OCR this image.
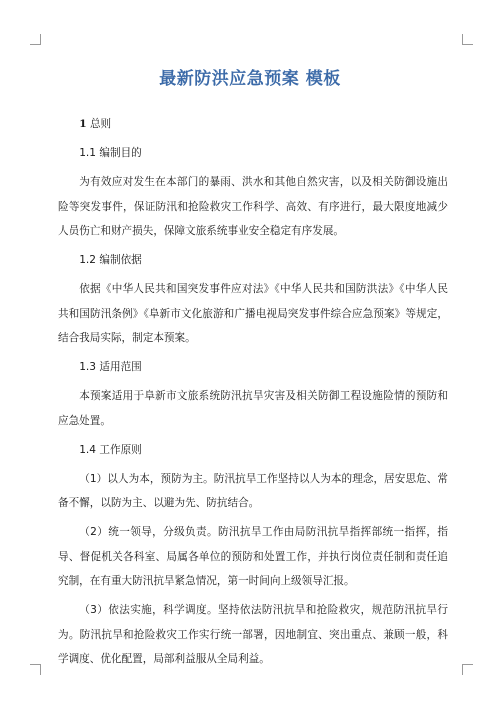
最新防洪应急预案 模板

1 总则

1.1 编制目的

为有效应对发生在本部门的暴雨、洪水和其他自然灾害，以及相关防御设施出险等突发事件，保证防汛和抢险救灾工作科学、高效、有序进行，最大限度地减少人员伤亡和财产损失，保障文旅系统事业安全稳定有序发展。

1.2 编制依据

依据《中华人民共和国突发事件应对法》《中华人民共和国防洪法》《中华人民共和国防汛条例》《阜新市文化旅游和广播电视局突发事件综合应急预案》等规定，结合我局实际，制定本预案。

1.3 适用范围

本预案适用于阜新市文旅系统防汛抗旱灾害及相关防御工程设施险情的预防和应急处置。

1.4 工作原则

（1）以人为本，预防为主。防汛抗旱工作坚持以人为本的理念，居安思危、常备不懈，以防为主、以避为先、防抗结合。

（2）统一领导，分级负责。防汛抗旱工作由局防汛抗旱指挥部统一指挥，指导、督促机关各科室、局属各单位的预防和处置工作，并执行岗位责任制和责任追究制，在有重大防汛抗旱紧急情况，第一时间向上级领导汇报。

（3）依法实施，科学调度。坚持依法防汛抗旱和抢险救灾，规范防汛抗旱行为。防汛抗旱和抢险救灾工作实行统一部署，因地制宜、突出重点、兼顾一般，科学调度、优化配置，局部利益服从全局利益。
